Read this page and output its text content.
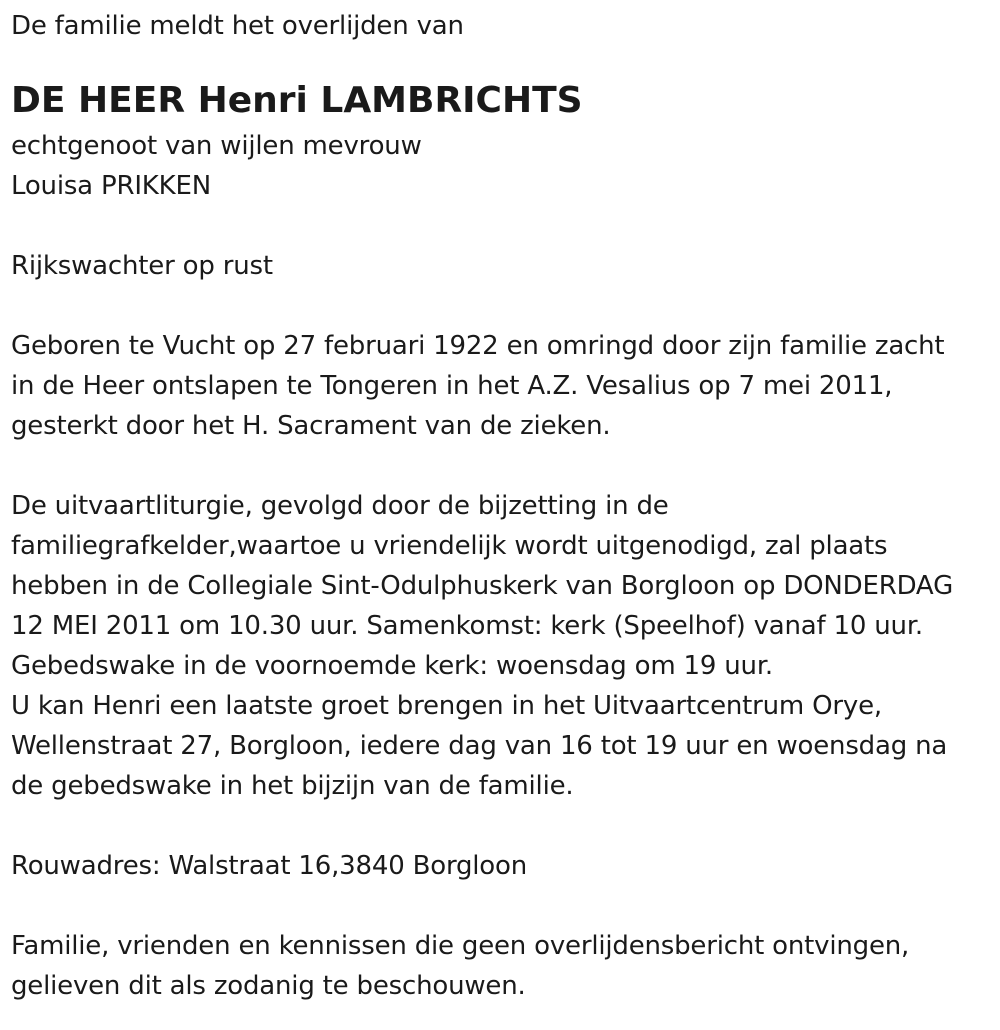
De familie meldt het overlijden van
DE HEER Henri LAMBRICHTS
echtgenoot van wijlen mevrouw
Louisa PRIKKEN
Rijkswachter op rust
Geboren te Vucht op 27 februari 1922 en omringd door zijn familie zacht
in de Heer ontslapen te Tongeren in het A.Z. Vesalius op 7 mei 2011,
gesterkt door het H. Sacrament van de zieken.
De uitvaartliturgie, gevolgd door de bijzetting in de
familiegrafkelder,waartoe u vriendelijk wordt uitgenodigd, zal plaats
hebben in de Collegiale Sint-Odulphuskerk van Borgloon op DONDERDAG
12 MEI 2011 om 10.30 uur. Samenkomst: kerk (Speelhof) vanaf 10 uur.
Gebedswake in de voornoemde kerk: woensdag om 19 uur.
U kan Henri een laatste groet brengen in het Uitvaartcentrum Orye,
Wellenstraat 27, Borgloon, iedere dag van 16 tot 19 uur en woensdag na
de gebedswake in het bijzijn van de familie.
Rouwadres: Walstraat 16,3840 Borgloon
Familie, vrienden en kennissen die geen overlijdensbericht ontvingen,
gelieven dit als zodanig te beschouwen.
